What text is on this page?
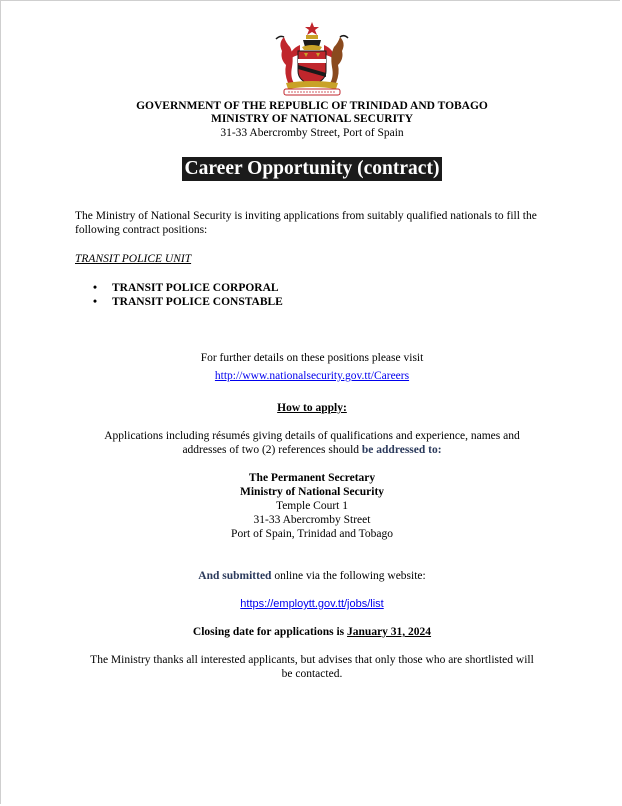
GOVERNMENT OF THE REPUBLIC OF TRINIDAD AND TOBAGO
MINISTRY OF NATIONAL SECURITY
31-33 Abercromby Street, Port of Spain
Career Opportunity (contract)
The Ministry of National Security is inviting applications from suitably qualified nationals to fill the following contract positions:
TRANSIT POLICE UNIT
• TRANSIT POLICE CORPORAL
• TRANSIT POLICE CONSTABLE
For further details on these positions please visit
http://www.nationalsecurity.gov.tt/Careers
How to apply:
Applications including résumés giving details of qualifications and experience, names and
addresses of two (2) references should be addressed to:
The Permanent Secretary
Ministry of National Security
Temple Court 1
31-33 Abercromby Street
Port of Spain, Trinidad and Tobago
And submitted online via the following website:
https://employtt.gov.tt/jobs/list
Closing date for applications is January 31, 2024
The Ministry thanks all interested applicants, but advises that only those who are shortlisted will
be contacted.
